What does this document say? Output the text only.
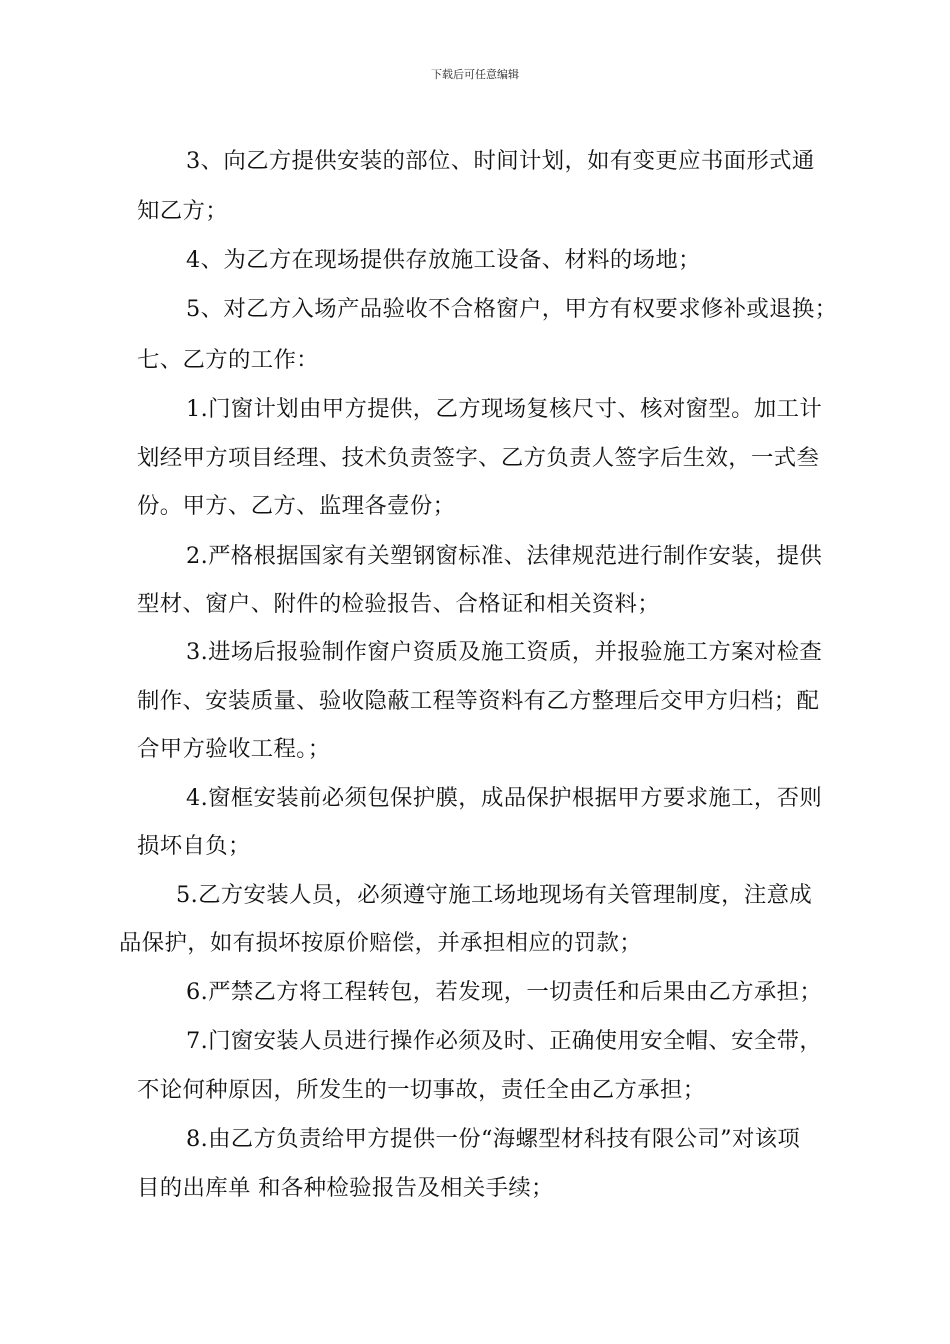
下载后可任意编辑
3、向乙方提供安装的部位、时间计划，如有变更应书面形式通
知乙方；
4、为乙方在现场提供存放施工设备、材料的场地；
5、对乙方入场产品验收不合格窗户，甲方有权要求修补或退换；
七、乙方的工作：
1.门窗计划由甲方提供，乙方现场复核尺寸、核对窗型。加工计
划经甲方项目经理、技术负责签字、乙方负责人签字后生效，一式叁
份。甲方、乙方、监理各壹份；
2.严格根据国家有关塑钢窗标准、法律规范进行制作安装，提供
型材、窗户、附件的检验报告、合格证和相关资料；
3.进场后报验制作窗户资质及施工资质，并报验施工方案对检查
制作、安装质量、验收隐蔽工程等资料有乙方整理后交甲方归档；配
合甲方验收工程。；
4.窗框安装前必须包保护膜，成品保护根据甲方要求施工，否则
损坏自负；
5.乙方安装人员，必须遵守施工场地现场有关管理制度，注意成
品保护，如有损坏按原价赔偿，并承担相应的罚款；
6.严禁乙方将工程转包，若发现，一切责任和后果由乙方承担；
7.门窗安装人员进行操作必须及时、正确使用安全帽、安全带，
不论何种原因，所发生的一切事故，责任全由乙方承担；
8.由乙方负责给甲方提供一份“海螺型材科技有限公司”对该项
目的出库单 和各种检验报告及相关手续；
